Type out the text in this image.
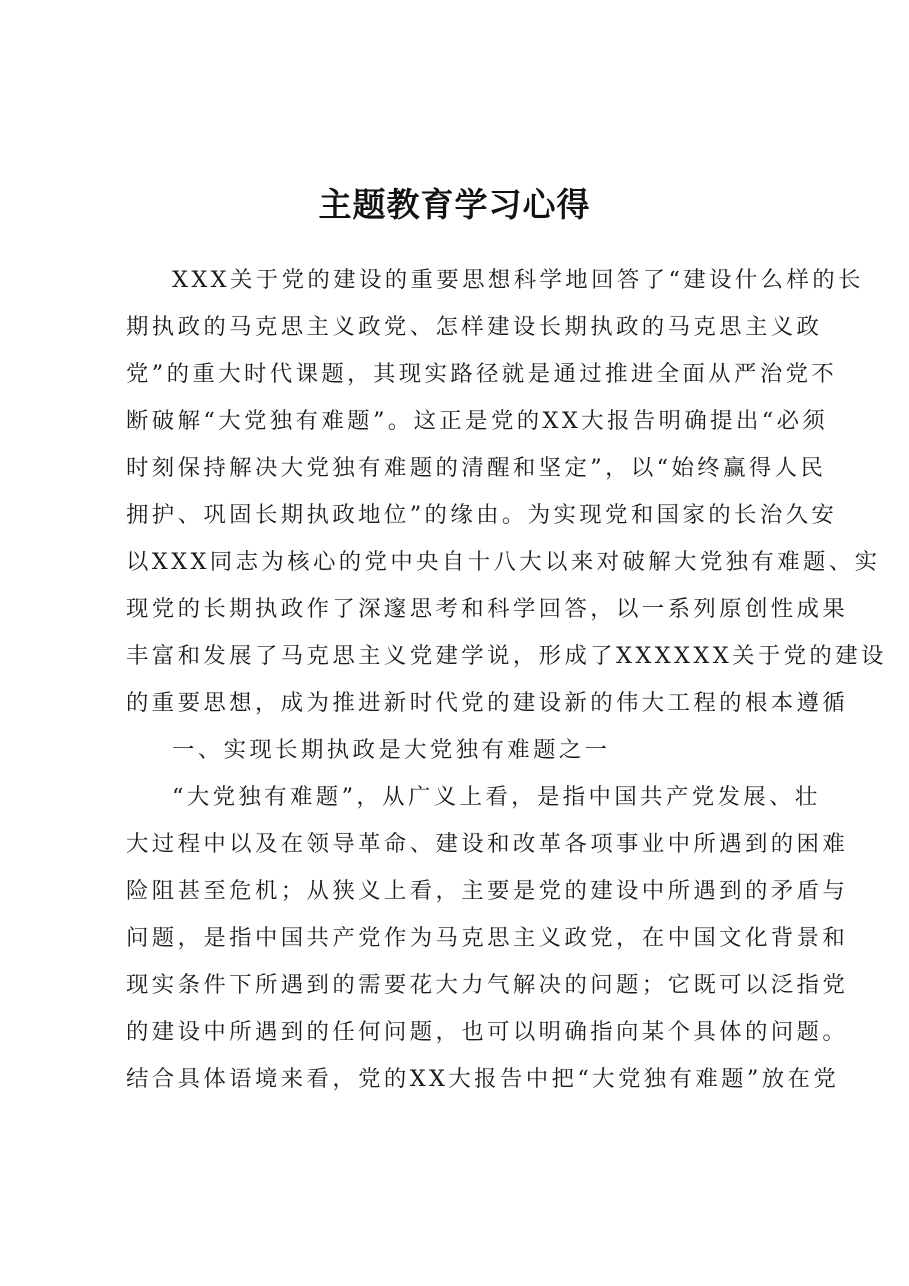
主题教育学习心得
XXX关于党的建设的重要思想科学地回答了“建设什么样的长
期执政的马克思主义政党、怎样建设长期执政的马克思主义政
党”的重大时代课题，其现实路径就是通过推进全面从严治党不
断破解“大党独有难题”。这正是党的XX大报告明确提出“必须
时刻保持解决大党独有难题的清醒和坚定”，以“始终赢得人民
拥护、巩固长期执政地位”的缘由。为实现党和国家的长治久安
以XXX同志为核心的党中央自十八大以来对破解大党独有难题、实
现党的长期执政作了深邃思考和科学回答，以一系列原创性成果
丰富和发展了马克思主义党建学说，形成了XXXXXX关于党的建设
的重要思想，成为推进新时代党的建设新的伟大工程的根本遵循
一、实现长期执政是大党独有难题之一
“大党独有难题”，从广义上看，是指中国共产党发展、壮
大过程中以及在领导革命、建设和改革各项事业中所遇到的困难
险阻甚至危机；从狭义上看，主要是党的建设中所遇到的矛盾与
问题，是指中国共产党作为马克思主义政党，在中国文化背景和
现实条件下所遇到的需要花大力气解决的问题；它既可以泛指党
的建设中所遇到的任何问题，也可以明确指向某个具体的问题。
结合具体语境来看，党的XX大报告中把“大党独有难题”放在党
